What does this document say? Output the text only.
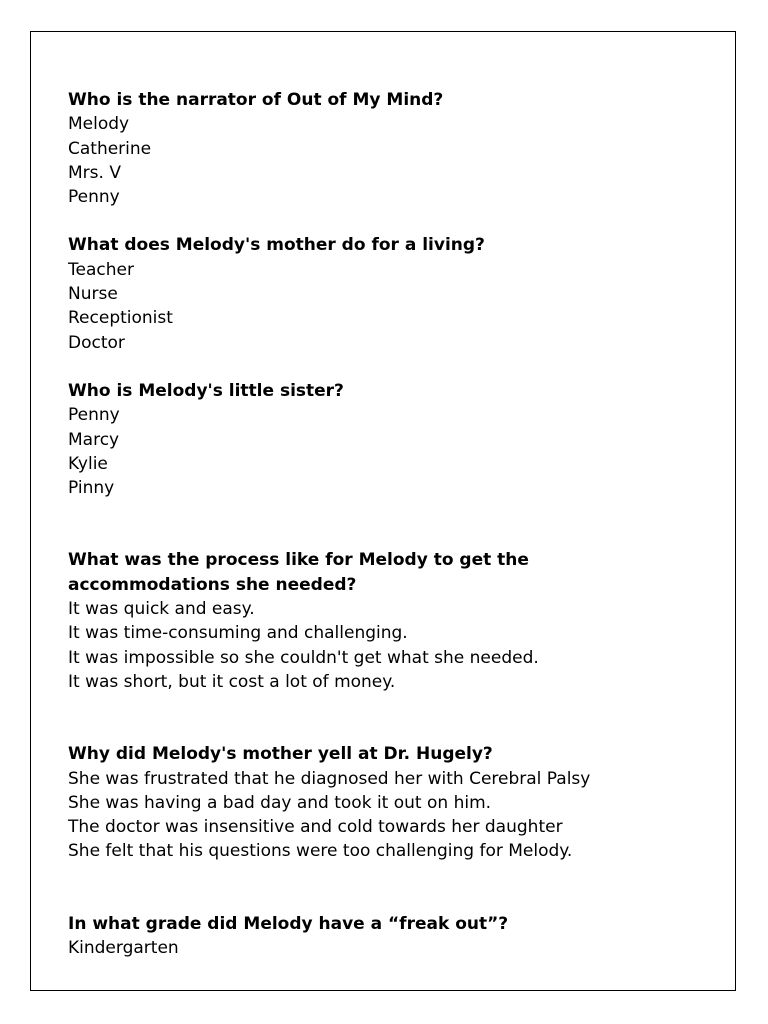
Who is the narrator of Out of My Mind?
Melody
Catherine
Mrs. V
Penny
What does Melody's mother do for a living?
Teacher
Nurse
Receptionist
Doctor
Who is Melody's little sister?
Penny
Marcy
Kylie
Pinny
What was the process like for Melody to get the
accommodations she needed?
It was quick and easy.
It was time-consuming and challenging.
It was impossible so she couldn't get what she needed.
It was short, but it cost a lot of money.
Why did Melody's mother yell at Dr. Hugely?
She was frustrated that he diagnosed her with Cerebral Palsy
She was having a bad day and took it out on him.
The doctor was insensitive and cold towards her daughter
She felt that his questions were too challenging for Melody.
In what grade did Melody have a “freak out”?
Kindergarten
